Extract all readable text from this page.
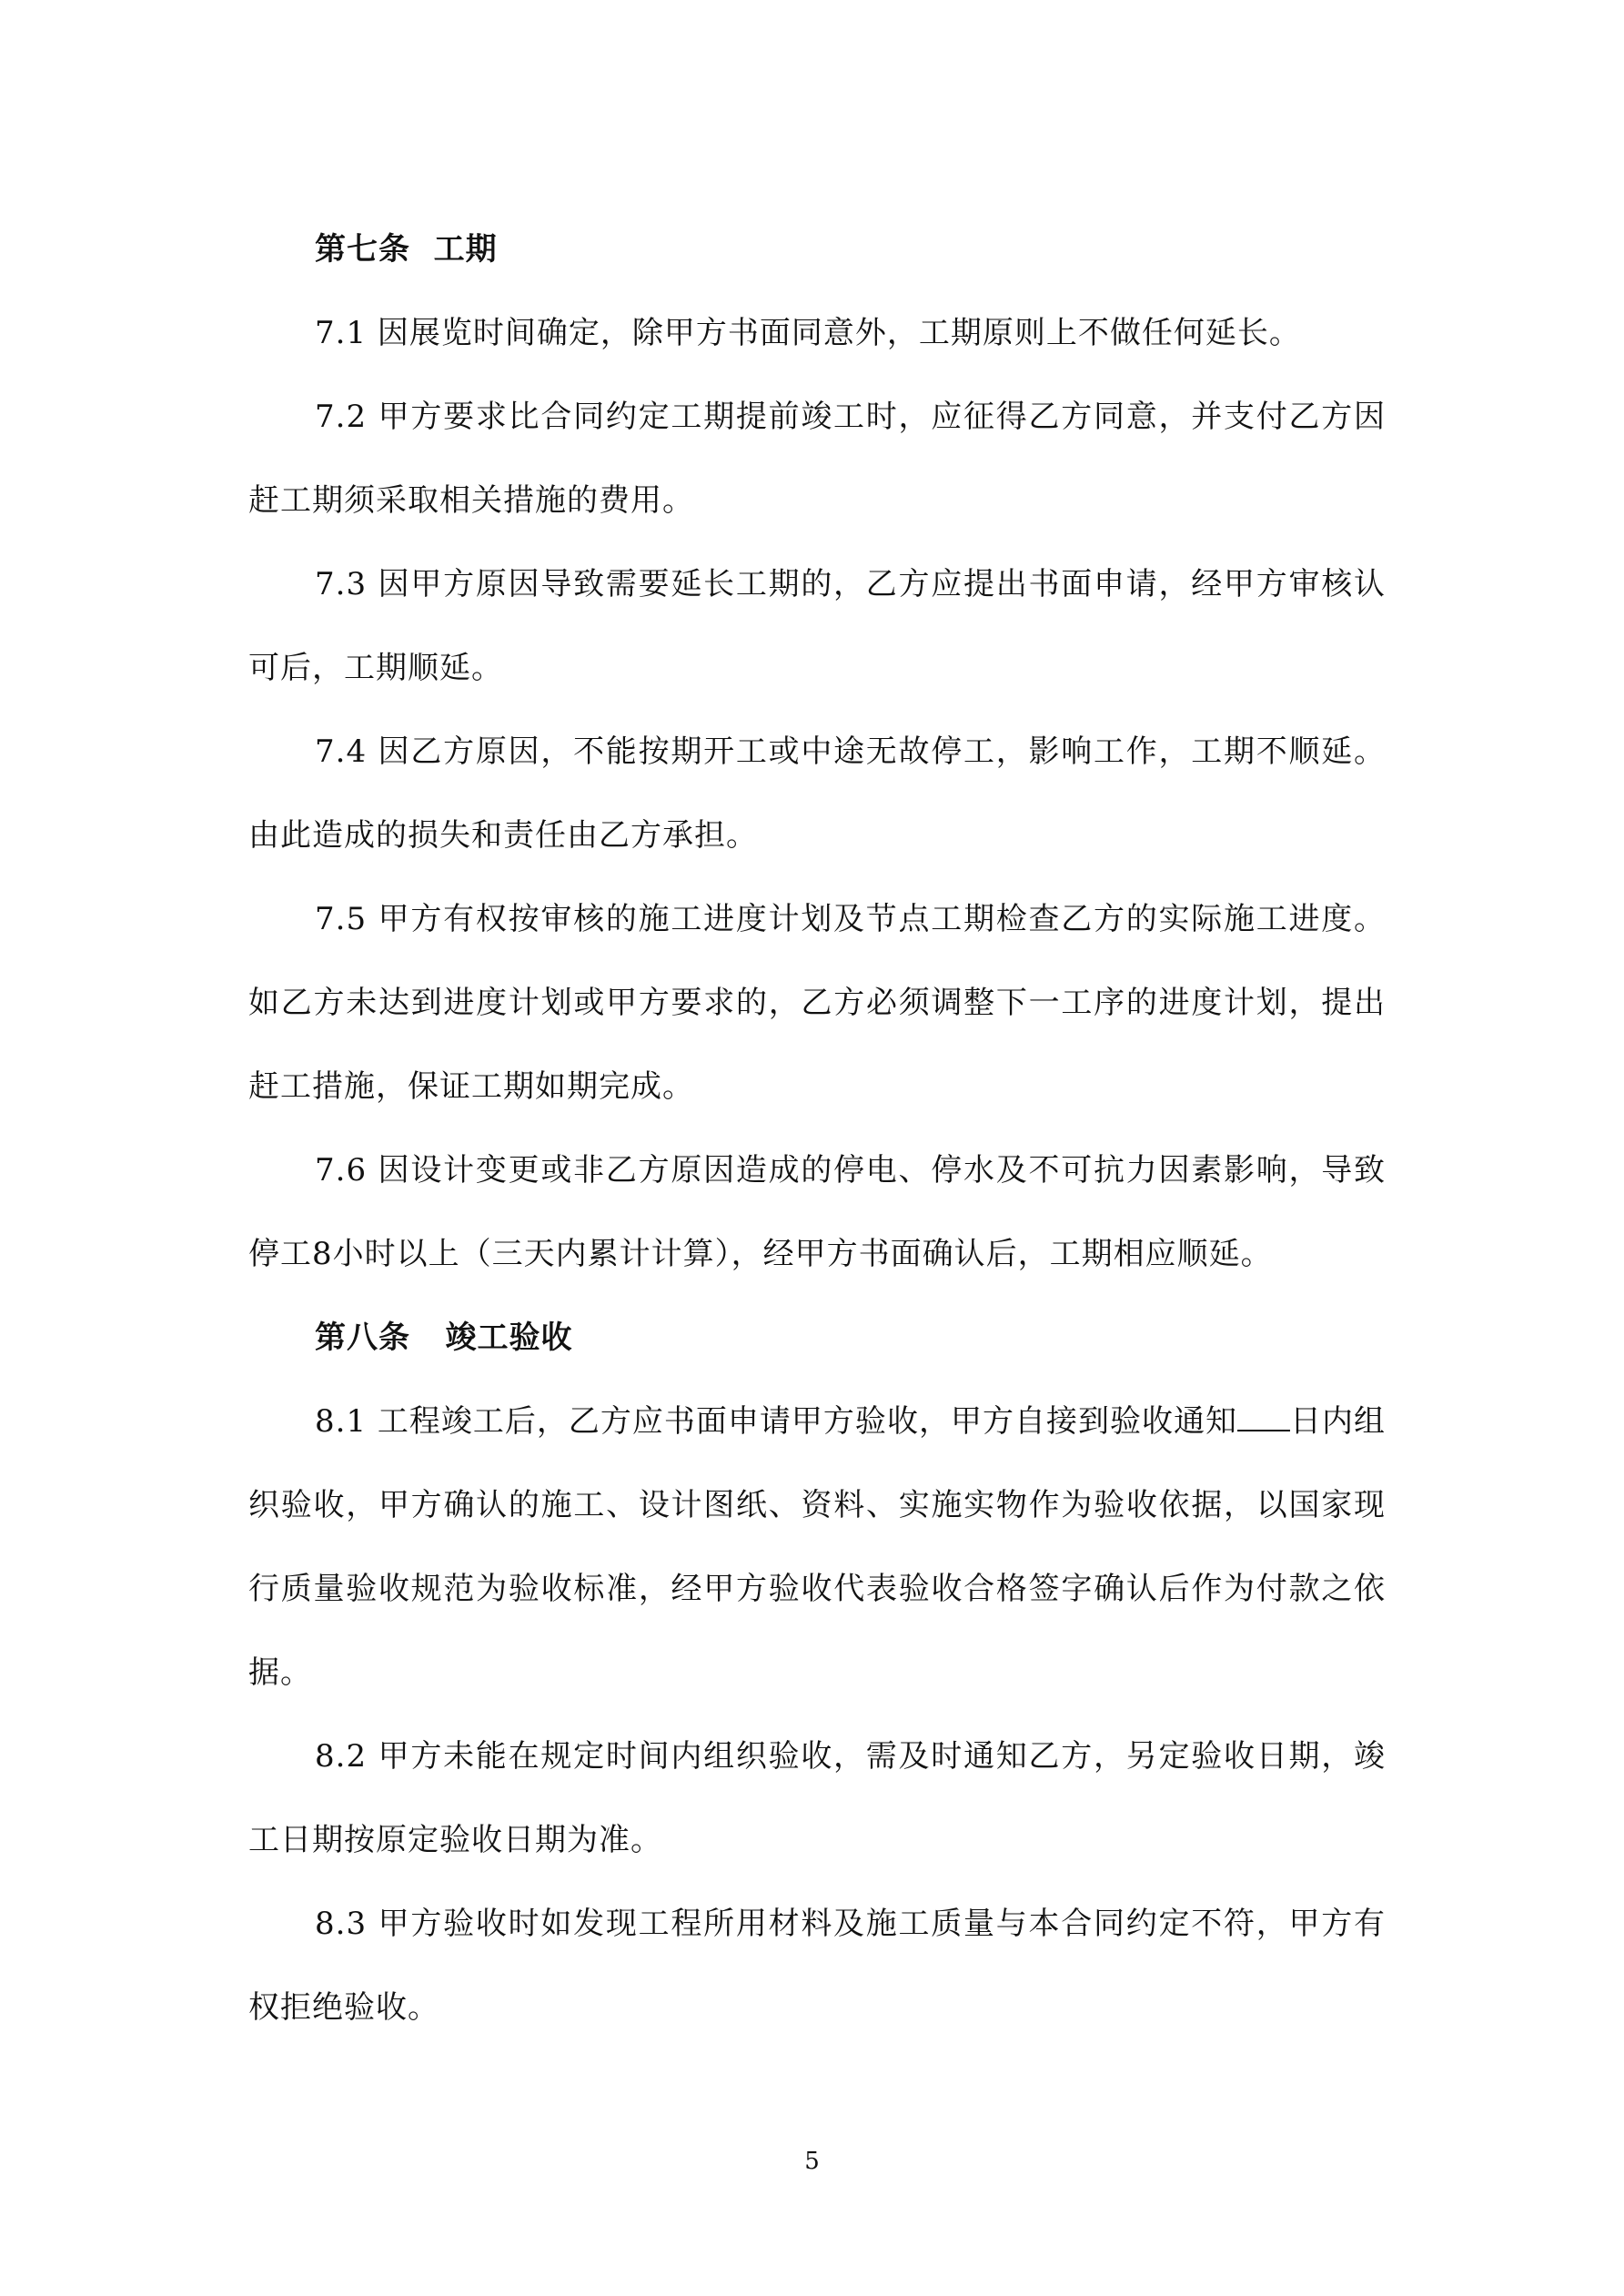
第七条  工期

7.1 因展览时间确定，除甲方书面同意外，工期原则上不做任何延长。

7.2 甲方要求比合同约定工期提前竣工时，应征得乙方同意，并支付乙方因赶工期须采取相关措施的费用。

7.3 因甲方原因导致需要延长工期的，乙方应提出书面申请，经甲方审核认可后，工期顺延。

7.4 因乙方原因，不能按期开工或中途无故停工，影响工作，工期不顺延。由此造成的损失和责任由乙方承担。

7.5 甲方有权按审核的施工进度计划及节点工期检查乙方的实际施工进度。如乙方未达到进度计划或甲方要求的，乙方必须调整下一工序的进度计划，提出赶工措施，保证工期如期完成。

7.6 因设计变更或非乙方原因造成的停电、停水及不可抗力因素影响，导致停工8小时以上（三天内累计计算），经甲方书面确认后，工期相应顺延。

第八条   竣工验收

8.1 工程竣工后，乙方应书面申请甲方验收，甲方自接到验收通知 日内组织验收，甲方确认的施工、设计图纸、资料、实施实物作为验收依据，以国家现行质量验收规范为验收标准，经甲方验收代表验收合格签字确认后作为付款之依据。

8.2 甲方未能在规定时间内组织验收，需及时通知乙方，另定验收日期，竣工日期按原定验收日期为准。

8.3 甲方验收时如发现工程所用材料及施工质量与本合同约定不符，甲方有权拒绝验收。

5
